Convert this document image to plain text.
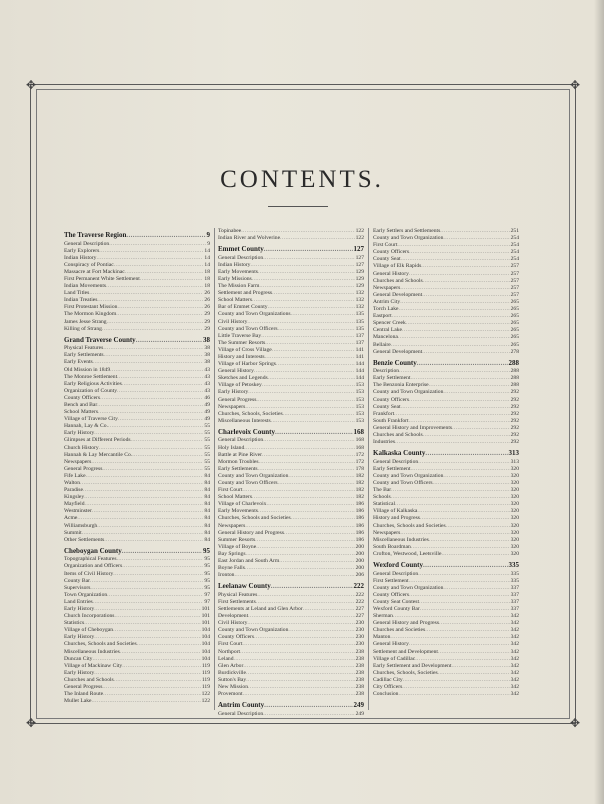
✥	✥
✥	✥
CONTENTS.
The Traverse Region .....	9
General Description .....	9
Early Explorers .....	14
Indian History .....	14
Conspiracy of Pontiac .....	14
Massacre at Fort Mackinac .....	18
First Permanent White Settlement .....	18
Indian Movements .....	18
Land Titles .....	26
Indian Treaties .....	26
First Protestant Mission .....	26
The Mormon Kingdom .....	29
James Jesse Strang .....	29
Killing of Strang .....	29
Grand Traverse County .....	38
Physical Features .....	38
Early Settlements .....	38
Early Events .....	38
Old Mission in 1849 .....	43
The Monroe Settlement .....	43
Early Religious Activities .....	43
Organization of County .....	43
County Officers .....	46
Bench and Bar .....	49
School Matters .....	49
Village of Traverse City .....	49
Hannah, Lay & Co. .....	55
Early History .....	55
Glimpses at Different Periods .....	55
Church History .....	55
Hannah & Lay Mercantile Co. .....	55
Newspapers .....	55
General Progress .....	55
Fife Lake .....	84
Walton .....	84
Paradise .....	84
Kingsley .....	84
Mayfield .....	84
Westminster .....	84
Acme .....	84
Williamsburgh .....	84
Summit .....	84
Other Settlements .....	84
Cheboygan County .....	95
Topographical Features .....	95
Organization and Officers .....	95
Items of Civil History .....	95
County Bar .....	95
Supervisors .....	95
Town Organization .....	97
Land Entries .....	97
Early History .....	101
Church Incorporations .....	101
Statistics .....	101
Village of Cheboygan .....	104
Early History .....	104
Churches, Schools and Societies .....	104
Miscellaneous Industries .....	104
Duncan City .....	104
Village of Mackinaw City .....	119
Early History .....	119
Churches and Schools .....	119
General Progress .....	119
The Inland Route .....	122
Mullet Lake .....	122
Topinabee .....	122
Indian River and Wolverine .....	122
Emmet County .....	127
General Description .....	127
Indian History .....	127
Early Movements .....	129
Early Missions .....	129
The Mission Farm .....	129
Settlement and Progress .....	132
School Matters .....	132
Bar of Emmet County .....	132
County and Town Organizations .....	135
Civil History .....	135
County and Town Officers .....	135
Little Traverse Bay .....	137
The Summer Resorts .....	137
Village of Cross Village .....	141
History and Interests .....	141
Village of Harbor Springs .....	144
General History .....	144
Sketches and Legends .....	144
Village of Petoskey .....	153
Early History .....	153
General Progress .....	153
Newspapers .....	153
Churches, Schools, Societies .....	153
Miscellaneous Interests .....	153
Charlevoix County .....	168
General Description .....	168
Holy Island .....	168
Battle at Pine River .....	172
Mormon Troubles .....	172
Early Settlements .....	178
County and Town Organization .....	182
County and Town Officers .....	182
First Court .....	182
School Matters .....	182
Village of Charlevoix .....	186
Early Movements .....	186
Churches, Schools and Societies .....	186
Newspapers .....	186
General History and Progress .....	186
Summer Resorts .....	186
Village of Boyne .....	200
Bay Springs .....	200
East Jordan and South Arm .....	200
Boyne Falls .....	200
Ironton .....	206
Leelanaw County .....	222
Physical Features .....	222
First Settlements .....	222
Settlements at Leland and Glen Arbor .....	227
Development .....	227
Civil History .....	230
County and Town Organization .....	230
County Officers .....	230
First Court .....	230
Northport .....	238
Leland .....	238
Glen Arbor .....	238
Burdickville .....	238
Sutton's Bay .....	238
New Mission .....	238
Provemont .....	238
Antrim County .....	249
General Description .....	249
Early Settlers and Settlements .....	251
County and Town Organization .....	254
First Court .....	254
County Officers .....	254
County Seat .....	254
Village of Elk Rapids .....	257
General History .....	257
Churches and Schools .....	257
Newspapers .....	257
General Development .....	257
Antrim City .....	265
Torch Lake .....	265
Eastport .....	265
Spencer Creek .....	265
Central Lake .....	265
Mancelona .....	265
Bellaire .....	265
General Development .....	278
Benzie County .....	288
Description .....	288
Early Settlement .....	288
The Benzonia Enterprise .....	288
County and Town Organization .....	292
County Officers .....	292
County Seat .....	292
Frankfort .....	292
South Frankfort .....	292
General History and Improvements .....	292
Churches and Schools .....	292
Industries .....	292
Kalkaska County .....	313
General Description .....	313
Early Settlement .....	320
County and Town Organization .....	320
County and Town Officers .....	320
The Bar .....	320
Schools .....	320
Statistical .....	320
Village of Kalkaska .....	320
History and Progress .....	320
Churches, Schools and Societies .....	320
Newspapers .....	320
Miscellaneous Industries .....	320
South Boardman .....	320
Crofton, Westwood, Leetsville .....	320
Wexford County .....	335
General Description .....	335
First Settlement .....	335
County and Town Organization .....	337
County Officers .....	337
County Seat Contest .....	337
Wexford County Bar .....	337
Sherman .....	342
General History and Progress .....	342
Churches and Societies .....	342
Manton .....	342
General History .....	342
Settlement and Development .....	342
Village of Cadillac .....	342
Early Settlement and Development .....	342
Churches, Schools, Societies .....	342
Cadillac City .....	342
City Officers .....	342
Conclusion .....	342
